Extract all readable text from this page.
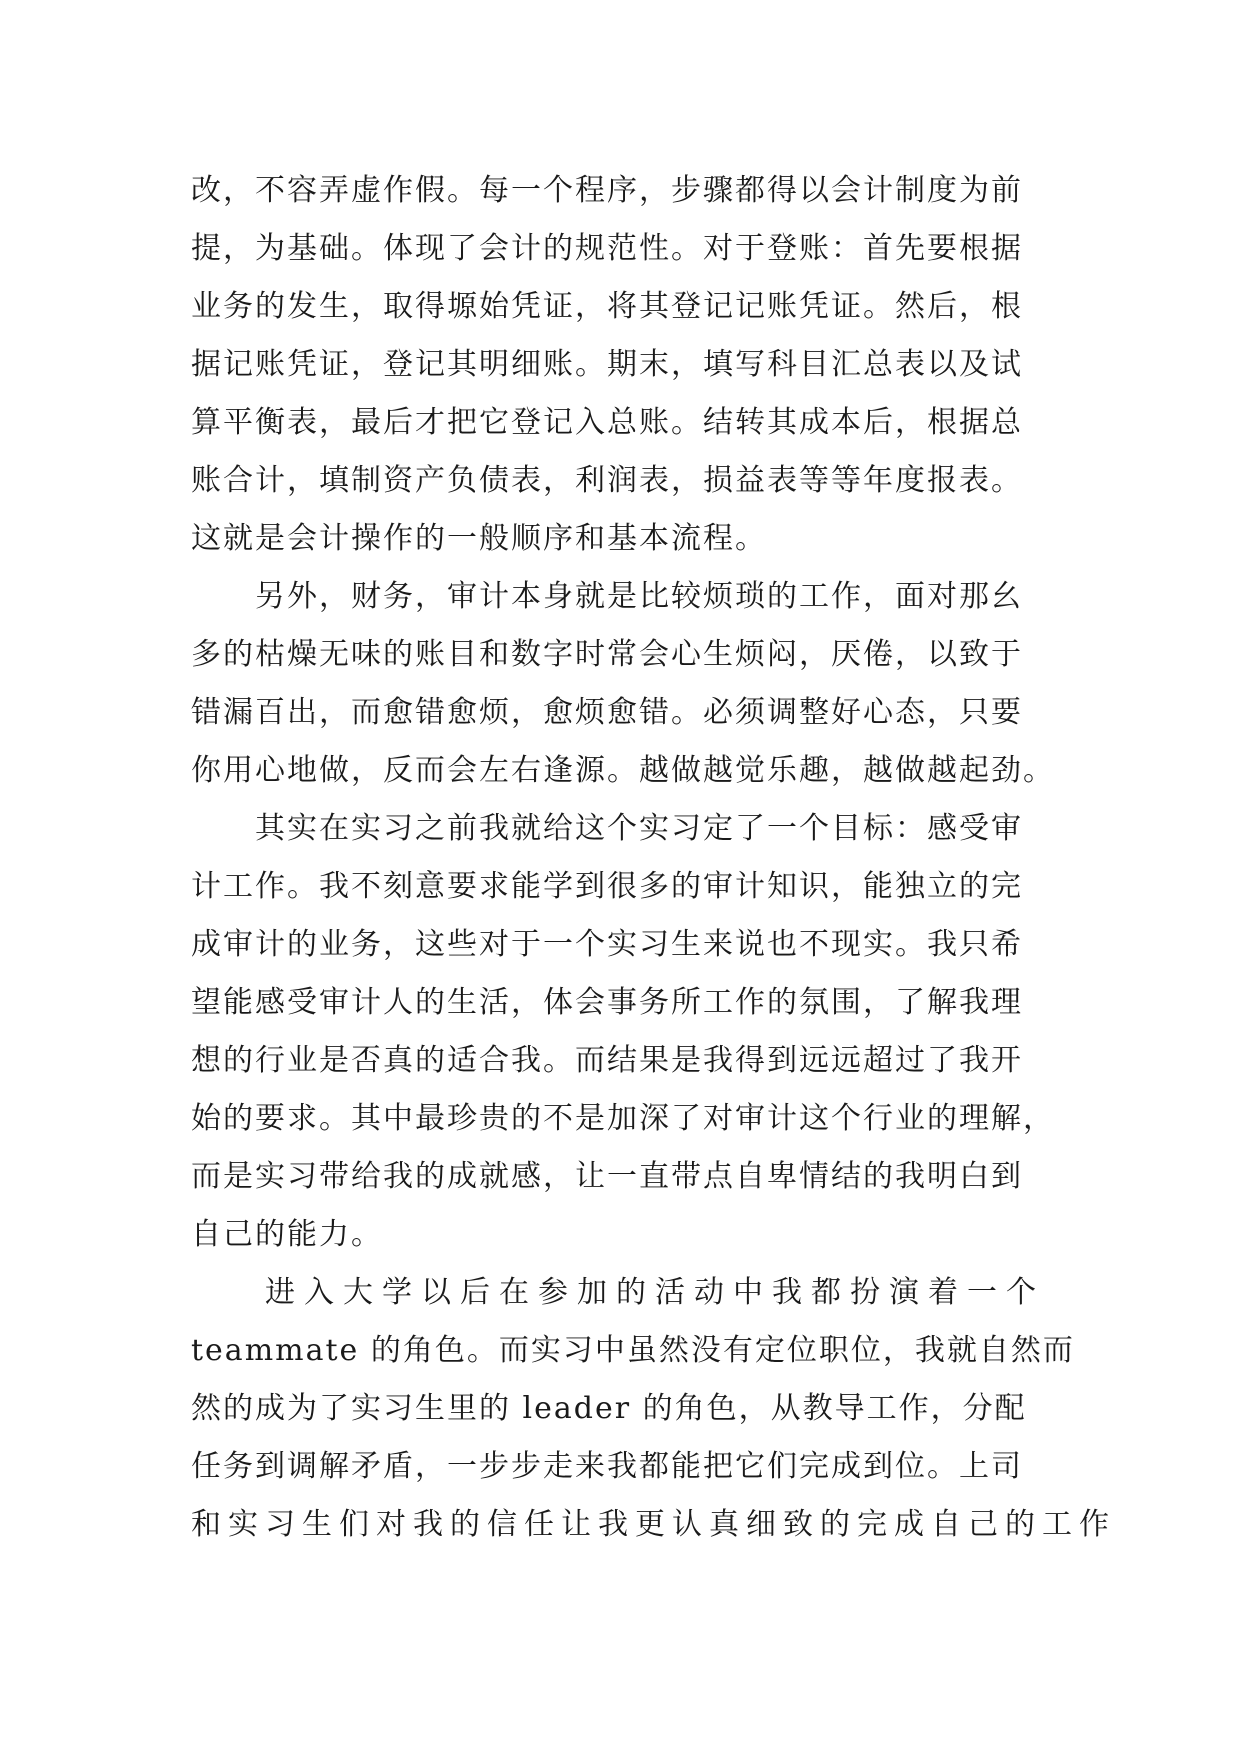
改，不容弄虚作假。每一个程序，步骤都得以会计制度为前
提，为基础。体现了会计的规范性。对于登账：首先要根据
业务的发生，取得塬始凭证，将其登记记账凭证。然后，根
据记账凭证，登记其明细账。期末，填写科目汇总表以及试
算平衡表，最后才把它登记入总账。结转其成本后，根据总
账合计，填制资产负债表，利润表，损益表等等年度报表。
这就是会计操作的一般顺序和基本流程。
另外，财务，审计本身就是比较烦琐的工作，面对那幺
多的枯燥无味的账目和数字时常会心生烦闷，厌倦，以致于
错漏百出，而愈错愈烦，愈烦愈错。必须调整好心态，只要
你用心地做，反而会左右逢源。越做越觉乐趣，越做越起劲。
其实在实习之前我就给这个实习定了一个目标：感受审
计工作。我不刻意要求能学到很多的审计知识，能独立的完
成审计的业务，这些对于一个实习生来说也不现实。我只希
望能感受审计人的生活，体会事务所工作的氛围，了解我理
想的行业是否真的适合我。而结果是我得到远远超过了我开
始的要求。其中最珍贵的不是加深了对审计这个行业的理解，
而是实习带给我的成就感，让一直带点自卑情结的我明白到
自己的能力。
进入大学以后在参加的活动中我都扮演着一个
teammate 的角色。而实习中虽然没有定位职位，我就自然而
然的成为了实习生里的 leader 的角色，从教导工作，分配
任务到调解矛盾，一步步走来我都能把它们完成到位。上司
和实习生们对我的信任让我更认真细致的完成自己的工作
